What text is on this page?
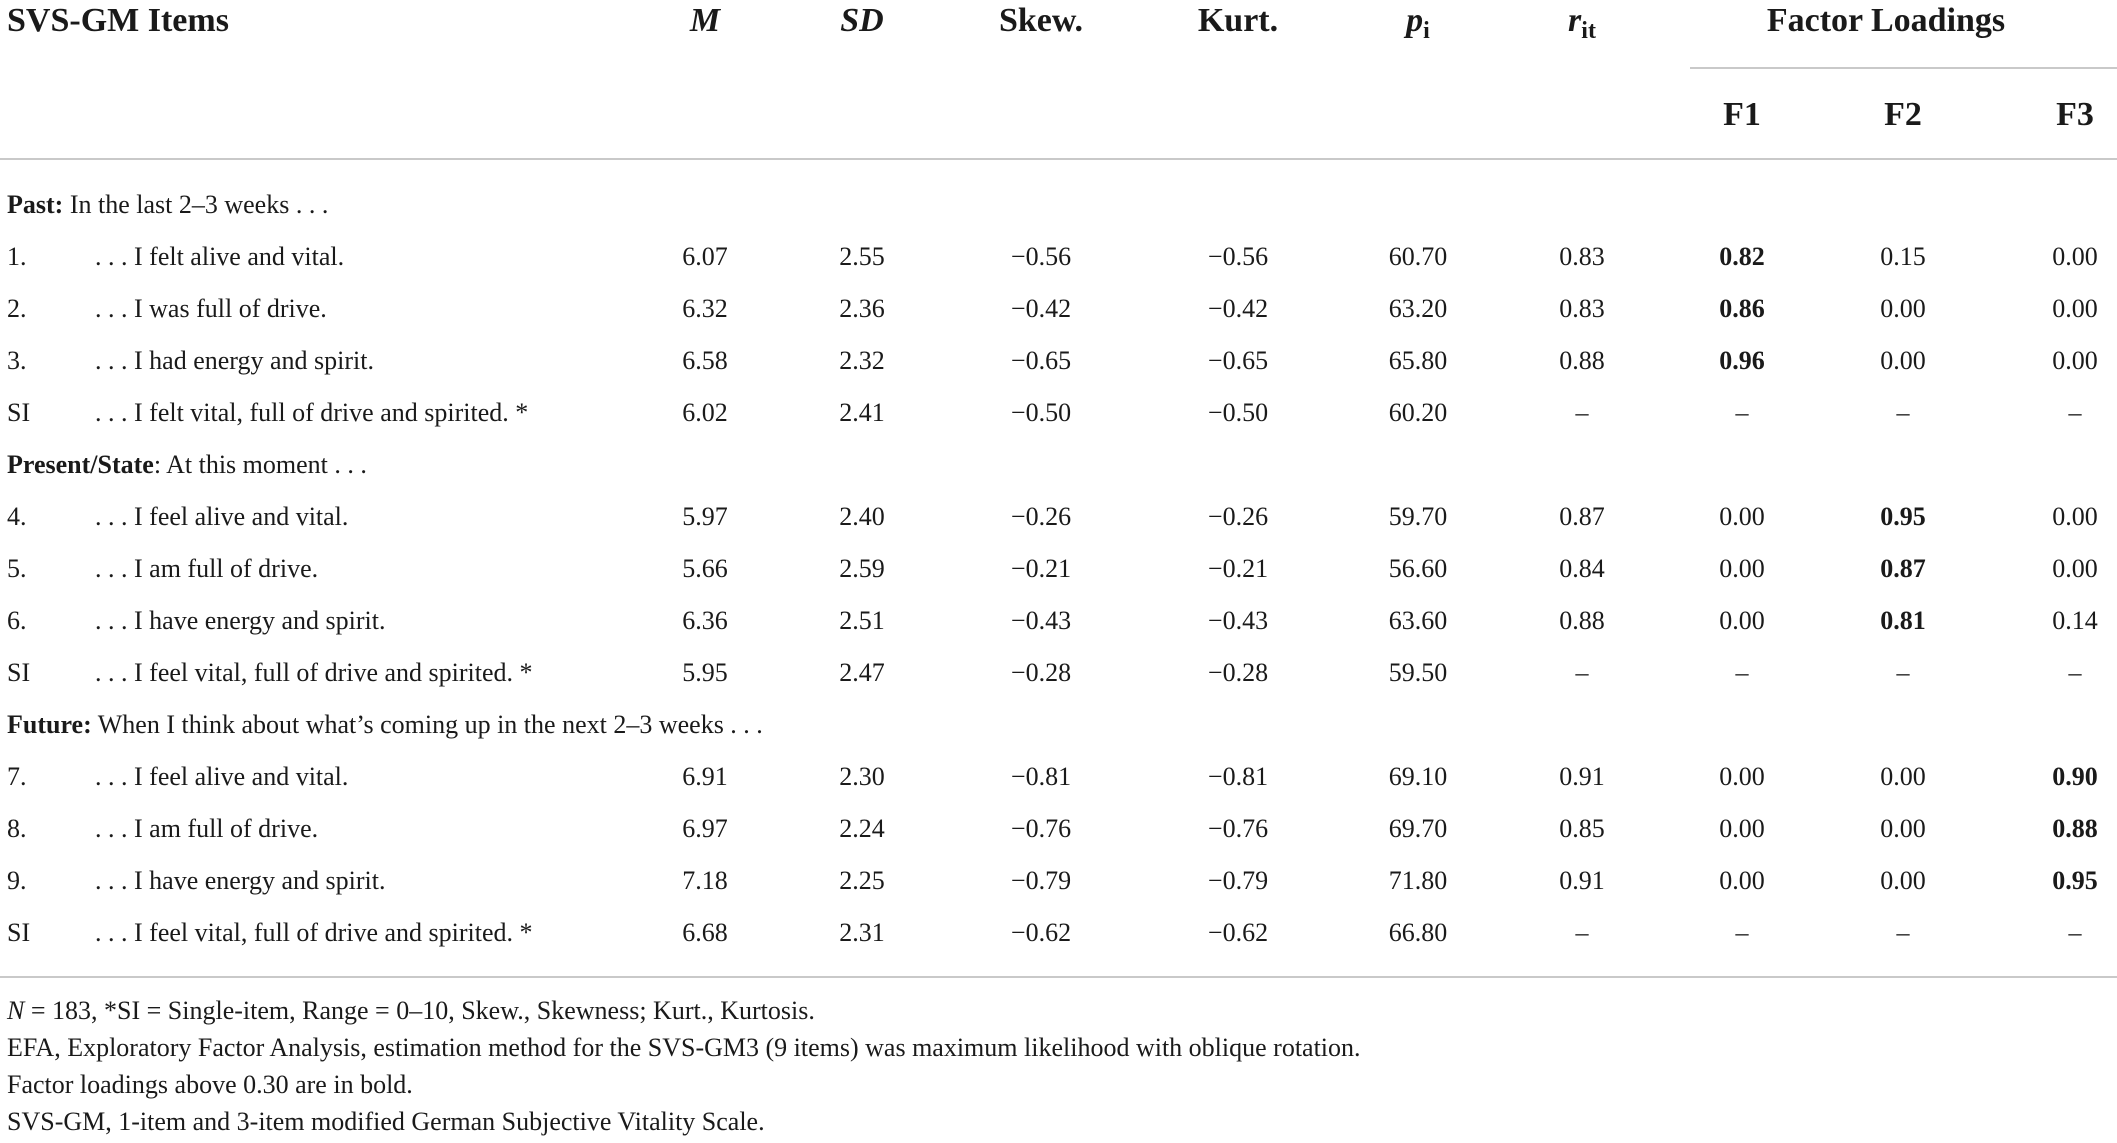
SVS-GM Items	M	SD	Skew.	Kurt.	$p_i$	$r_{it}$	Factor Loadings
F1	F2	F3
Past: In the last 2–3 weeks . . .
1.	. . . I felt alive and vital.	6.07	2.55	−0.56	−0.56	60.70	0.83	0.82	0.15	0.00
2.	. . . I was full of drive.	6.32	2.36	−0.42	−0.42	63.20	0.83	0.86	0.00	0.00
3.	. . . I had energy and spirit.	6.58	2.32	−0.65	−0.65	65.80	0.88	0.96	0.00	0.00
SI . . . I felt vital, full of drive and spirited. *	6.02	2.41	−0.50	−0.50	60.20	–	–	–	–
Present/State: At this moment . . .
4.	. . . I feel alive and vital.	5.97	2.40	−0.26	−0.26	59.70	0.87	0.00	0.95	0.00
5.	. . . I am full of drive.	5.66	2.59	−0.21	−0.21	56.60	0.84	0.00	0.87	0.00
6.	. . . I have energy and spirit.	6.36	2.51	−0.43	−0.43	63.60	0.88	0.00	0.81	0.14
SI . . . I feel vital, full of drive and spirited. *	5.95	2.47	−0.28	−0.28	59.50	–	–	–	–
Future: When I think about what’s coming up in the next 2–3 weeks . . .
7.	. . . I feel alive and vital.	6.91	2.30	−0.81	−0.81	69.10	0.91	0.00	0.00	0.90
8.	. . . I am full of drive.	6.97	2.24	−0.76	−0.76	69.70	0.85	0.00	0.00	0.88
9.	. . . I have energy and spirit.	7.18	2.25	−0.79	−0.79	71.80	0.91	0.00	0.00	0.95
SI . . . I feel vital, full of drive and spirited. *	6.68	2.31	−0.62	−0.62	66.80	–	–	–	–
N = 183, *SI = Single-item, Range = 0–10, Skew., Skewness; Kurt., Kurtosis.
EFA, Exploratory Factor Analysis, estimation method for the SVS-GM3 (9 items) was maximum likelihood with oblique rotation.
Factor loadings above 0.30 are in bold.
SVS-GM, 1-item and 3-item modified German Subjective Vitality Scale.
